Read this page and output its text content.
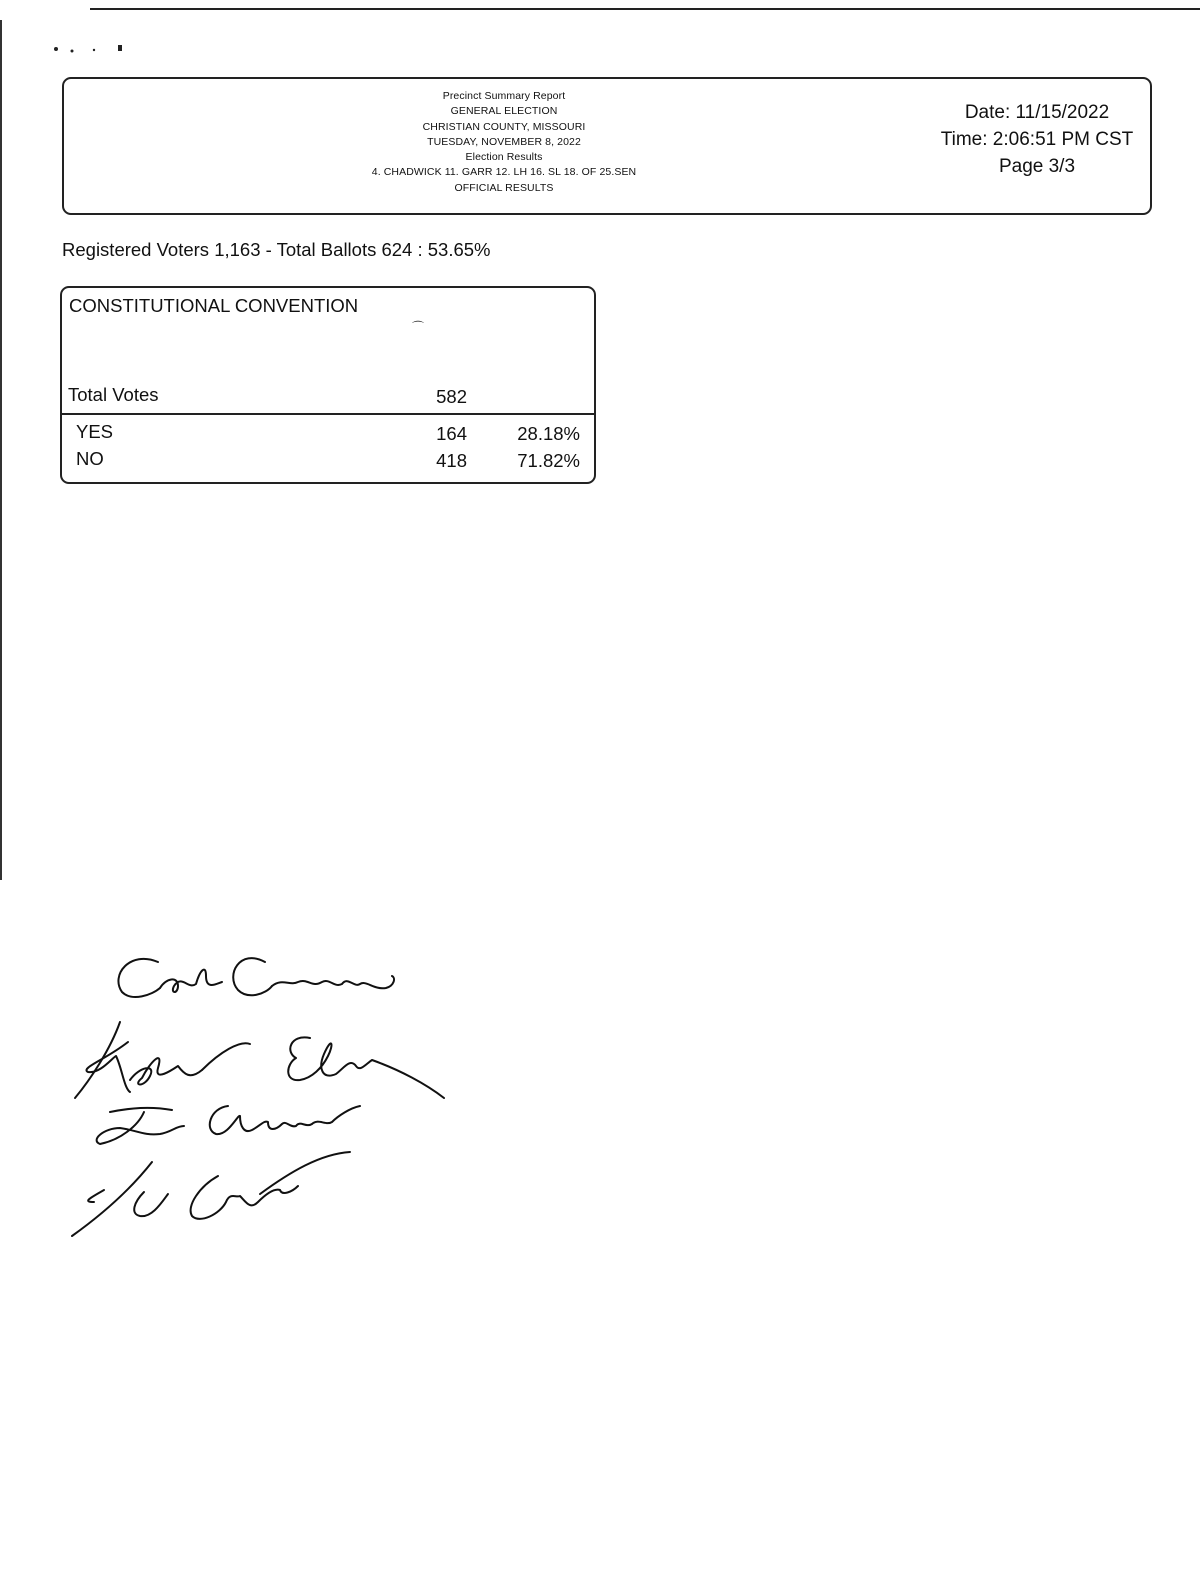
Precinct Summary Report
GENERAL ELECTION
CHRISTIAN COUNTY, MISSOURI
TUESDAY, NOVEMBER 8, 2022
Election Results
4. CHADWICK 11. GARR 12. LH 16. SL 18. OF 25.SEN
OFFICIAL RESULTS
Date: 11/15/2022
Time: 2:06:51 PM CST
Page 3/3
Registered Voters 1,163 - Total Ballots 624 : 53.65%
CONSTITUTIONAL CONVENTION
⌒
Total Votes	582
YES	164	28.18%
NO	418	71.82%
